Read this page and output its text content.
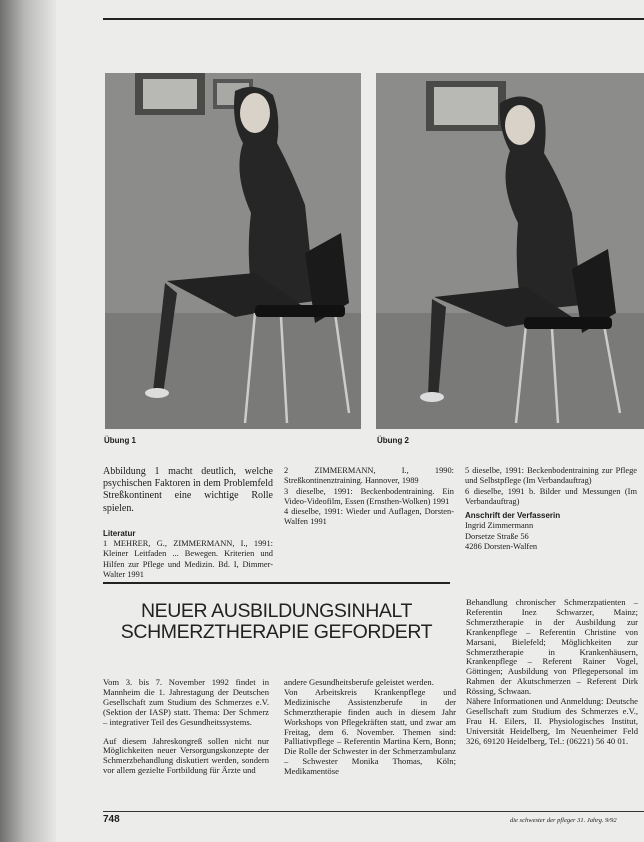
Übung 1	Übung 2

Abbildung 1 macht deutlich, welche psychischen Faktoren in dem Problemfeld Streßkontinent eine wichtige Rolle spielen.

Literatur

1 MEHRER, G., ZIMMERMANN, I., 1991: Kleiner Leitfaden ... Bewegen. Kriterien und Hilfen zur Pflege und Medizin. Bd. I, Dimmer-Walter 1991

2 ZIMMERMANN, I., 1990: Streßkontinenztraining. Hannover, 1989

3 dieselbe, 1991: Beckenbodentraining. Ein Video-Videofilm, Essen (Ernsthen-Wolken) 1991

4 dieselbe, 1991: Wieder und Auflagen, Dorsten-Walfen 1991

5 dieselbe, 1991: Beckenbodentraining zur Pflege und Selbstpflege (Im Verbandauftrag)

6 dieselbe, 1991 b. Bilder und Messungen (Im Verbandauftrag)

Anschrift der Verfasserin
Ingrid Zimmermann
Dorsetze Straße 56
4286 Dorsten-Walfen
NEUER AUSBILDUNGSINHALT
SCHMERZTHERAPIE GEFORDERT

Vom 3. bis 7. November 1992 findet in Mannheim die 1. Jahrestagung der Deutschen Gesellschaft zum Studium des Schmerzes e.V. (Sektion der IASP) statt. Thema: Der Schmerz – integrativer Teil des Gesundheitssystems.

Auf diesem Jahreskongreß sollen nicht nur Möglichkeiten neuer Versorgungskonzepte der Schmerzbehandlung diskutiert werden, sondern vor allem gezielte Fortbildung für Ärzte und

andere Gesundheitsberufe geleistet werden.

Von Arbeitskreis Krankenpflege und Medizinische Assistenzberufe in der Schmerztherapie finden auch in diesem Jahr Workshops von Pflegekräften statt, und zwar am Freitag, dem 6. November. Themen sind: Palliativpflege – Referentin Martina Kern, Bonn; Die Rolle der Schwester in der Schmerzambulanz – Schwester Monika Thomas, Köln; Medikamentöse

Behandlung chronischer Schmerzpatienten – Referentin Inez Schwarzer, Mainz; Schmerztherapie in der Ausbildung zur Krankenpflege – Referentin Christine von Marsani, Bielefeld; Möglichkeiten zur Schmerztherapie in Krankenhäusern, Krankenpflege – Referent Rainer Vogel, Göttingen; Ausbildung von Pflegepersonal im Rahmen der Akutschmerzen – Referent Dirk Rössing, Schwaan.

Nähere Informationen und Anmeldung: Deutsche Gesellschaft zum Studium des Schmerzes e.V., Frau H. Eilers, II. Physiologisches Institut, Universität Heidelberg, Im Neuenheimer Feld 326, 69120 Heidelberg, Tel.: (06221) 56 40 01.

748	die schwester der pfleger 31. Jahrg. 9/92
